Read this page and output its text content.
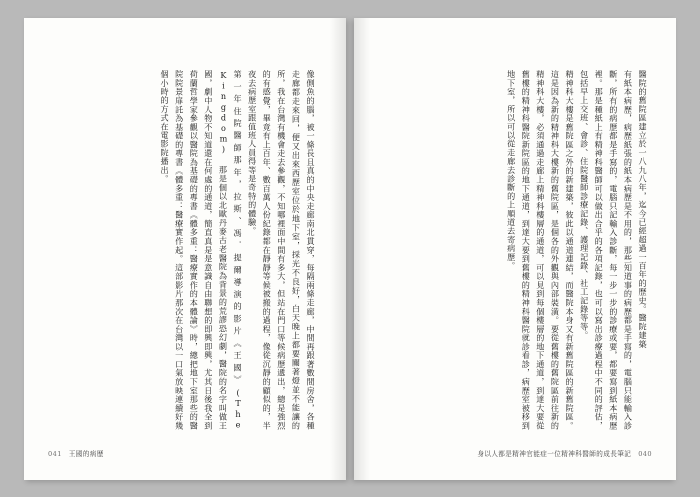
像側魚的腦，被一條長且真的中央走廊南北貫穿，每隔兩條走廊，中間再跟著數間房舍，各種走廊都走來回，便又出來西歷室位於地下室，採光不良好，白天晚上都要關著燈並不能讓的所，我在台灣有機會走去參觀，不知哪裡面中間有多大，但站在門口等候病歷遞出，總是強烈的有感覺，畢竟有上百年、數百萬人份紀錄都在靜靜等候被搬的過程，像從沉靜的顧似的，半夜去病歷室跟值班人員得等是奇特的體驗。

第一年住院醫師那年，拉斯、馮．提爾導演的影片《王國》(The Kingdom) 那是個以北歐丹麥古老醫院為背景的荒謬恐幻劇，醫院的名字叫做王國，劇中人物不知道還在何處的通道，簡直真是是意識自由聯想的即興即興，尤其日後我全到荷蘭哲學家參觀以醫院為基礎的專書《體多重：醫療實作的本體論》時，總把地下室那些的醫院院景扉託為基礎的專書《體多重：醫療實作起。這部影片那次在台灣以一口氣放映連續好幾個小時的方式在電影院播出。

041 王國的病歷

醫院的舊院區建立於一八九八年，迄今已經超過一百年的歷史。醫院建築

有紙本病歷，病歷紙張的紙本病歷是不用的，那些知道事的病歷都是手寫的，電腦只能輸入診斷，所有的病歷都是手寫的，電腦只記輸入診斷，每一步一步的診療或要，都要寫到紙本病歷裡。那是種紙上有精神科醫師可以做出合乎的各項記錄，也可以寫出診療過程中不同的評估，包括早上交班、會診、住院醫師診療記錄、護理記錄、社工記錄等等。

精神科大樓是舊院區之外的新建築，彼此以通道連結，而醫院本身又有新舊院區的新舊院區。這是因為新的精神科大樓新的舊院區，是個各的外觀與內部裝潢。要從舊樓的舊院區前往新的精神科大樓，必須通過走廊上精神科樓層的通道，可以見到每個樓層的地下通道，到達大要從舊樓的精神科醫院新院區的地下通道，到達大要到舊樓的精神科醫院就診看診，病歷室被移到地下室，所以可以從走廊去診斷的上順道去寄病歷。

身以人都是精神官能症一位精神科醫師的成長筆記 040
